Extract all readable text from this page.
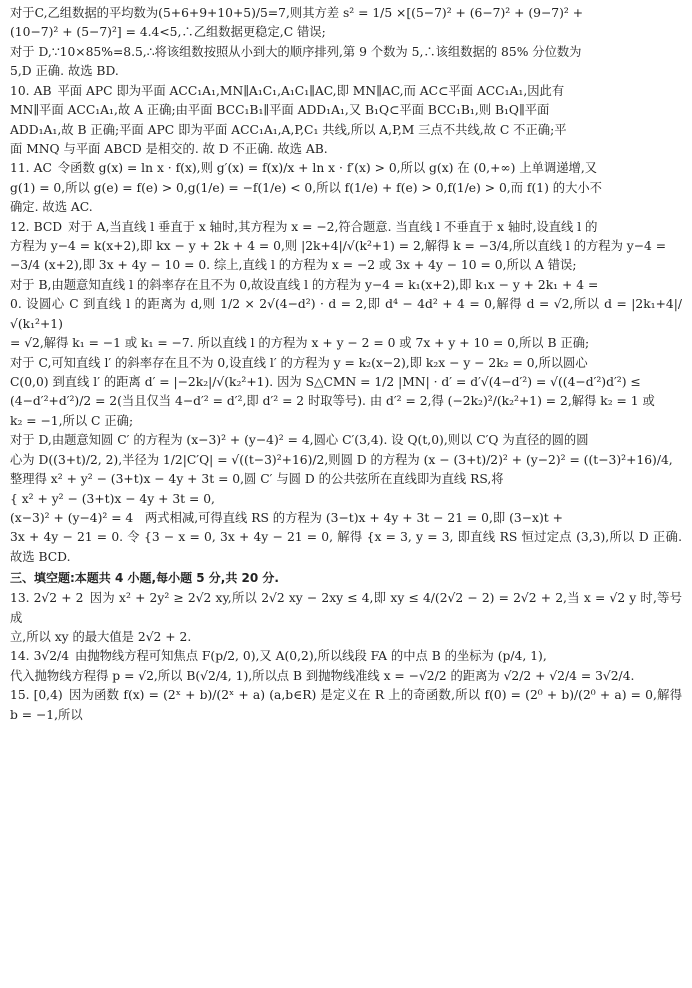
对于C,乙组数据的平均数为(5+6+9+10+5)/5=7,则其方差 s² = 1/5 ×[(5−7)² + (6−7)² + (9−7)² +

(10−7)² + (5−7)²] = 4.4<5,∴乙组数据更稳定,C 错误;

对于 D,∵10×85%=8.5,∴将该组数按照从小到大的顺序排列,第 9 个数为 5,∴该组数据的 85% 分位数为

5,D 正确. 故选 BD.

10. AB 平面 APC 即为平面 ACC₁A₁,MN∥A₁C₁,A₁C₁∥AC,即 MN∥AC,而 AC⊂平面 ACC₁A₁,因此有

MN∥平面 ACC₁A₁,故 A 正确;由平面 BCC₁B₁∥平面 ADD₁A₁,又 B₁Q⊂平面 BCC₁B₁,则 B₁Q∥平面

ADD₁A₁,故 B 正确;平面 APC 即为平面 ACC₁A₁,A,P,C₁ 共线,所以 A,P,M 三点不共线,故 C 不正确;平

面 MNQ 与平面 ABCD 是相交的. 故 D 不正确. 故选 AB.

11. AC 令函数 g(x) = ln x · f(x),则 g′(x) = f(x)/x + ln x · f′(x) > 0,所以 g(x) 在 (0,+∞) 上单调递增,又

g(1) = 0,所以 g(e) = f(e) > 0,g(1/e) = −f(1/e) < 0,所以 f(1/e) + f(e) > 0,f(1/e) > 0,而 f(1) 的大小不

确定. 故选 AC.

12. BCD 对于 A,当直线 l 垂直于 x 轴时,其方程为 x = −2,符合题意. 当直线 l 不垂直于 x 轴时,设直线 l 的

方程为 y−4 = k(x+2),即 kx − y + 2k + 4 = 0,则 |2k+4|/√(k²+1) = 2,解得 k = −3/4,所以直线 l 的方程为 y−4 =

−3/4 (x+2),即 3x + 4y − 10 = 0. 综上,直线 l 的方程为 x = −2 或 3x + 4y − 10 = 0,所以 A 错误;

对于 B,由题意知直线 l 的斜率存在且不为 0,故设直线 l 的方程为 y−4 = k₁(x+2),即 k₁x − y + 2k₁ + 4 =

0. 设圆心 C 到直线 l 的距离为 d,则 1/2 × 2√(4−d²) · d = 2,即 d⁴ − 4d² + 4 = 0,解得 d = √2,所以 d = |2k₁+4|/√(k₁²+1)

= √2,解得 k₁ = −1 或 k₁ = −7. 所以直线 l 的方程为 x + y − 2 = 0 或 7x + y + 10 = 0,所以 B 正确;

对于 C,可知直线 l′ 的斜率存在且不为 0,设直线 l′ 的方程为 y = k₂(x−2),即 k₂x − y − 2k₂ = 0,所以圆心

C(0,0) 到直线 l′ 的距离 d′ = |−2k₂|/√(k₂²+1). 因为 S△CMN = 1/2 |MN| · d′ = d′√(4−d′²) = √((4−d′²)d′²) ≤

(4−d′²+d′²)/2 = 2(当且仅当 4−d′² = d′²,即 d′² = 2 时取等号). 由 d′² = 2,得 (−2k₂)²/(k₂²+1) = 2,解得 k₂ = 1 或

k₂ = −1,所以 C 正确;

对于 D,由题意知圆 C′ 的方程为 (x−3)² + (y−4)² = 4,圆心 C′(3,4). 设 Q(t,0),则以 C′Q 为直径的圆的圆

心为 D((3+t)/2, 2),半径为 1/2|C′Q| = √((t−3)²+16)/2,则圆 D 的方程为 (x − (3+t)/2)² + (y−2)² = ((t−3)²+16)/4,

整理得 x² + y² − (3+t)x − 4y + 3t = 0,圆 C′ 与圆 D 的公共弦所在直线即为直线 RS,将

{ x² + y² − (3+t)x − 4y + 3t = 0,

(x−3)² + (y−4)² = 4 两式相减,可得直线 RS 的方程为 (3−t)x + 4y + 3t − 21 = 0,即 (3−x)t +

3x + 4y − 21 = 0. 令 {3 − x = 0, 3x + 4y − 21 = 0, 解得 {x = 3, y = 3, 即直线 RS 恒过定点 (3,3),所以 D 正确. 故选 BCD.

三、填空题:本题共 4 小题,每小题 5 分,共 20 分.

13. 2√2 + 2 因为 x² + 2y² ≥ 2√2 xy,所以 2√2 xy − 2xy ≤ 4,即 xy ≤ 4/(2√2 − 2) = 2√2 + 2,当 x = √2 y 时,等号成

立,所以 xy 的最大值是 2√2 + 2.

14. 3√2/4 由抛物线方程可知焦点 F(p/2, 0),又 A(0,2),所以线段 FA 的中点 B 的坐标为 (p/4, 1),

代入抛物线方程得 p = √2,所以 B(√2/4, 1),所以点 B 到抛物线准线 x = −√2/2 的距离为 √2/2 + √2/4 = 3√2/4.

15. [0,4) 因为函数 f(x) = (2ˣ + b)/(2ˣ + a) (a,b∈R) 是定义在 R 上的奇函数,所以 f(0) = (2⁰ + b)/(2⁰ + a) = 0,解得 b = −1,所以
